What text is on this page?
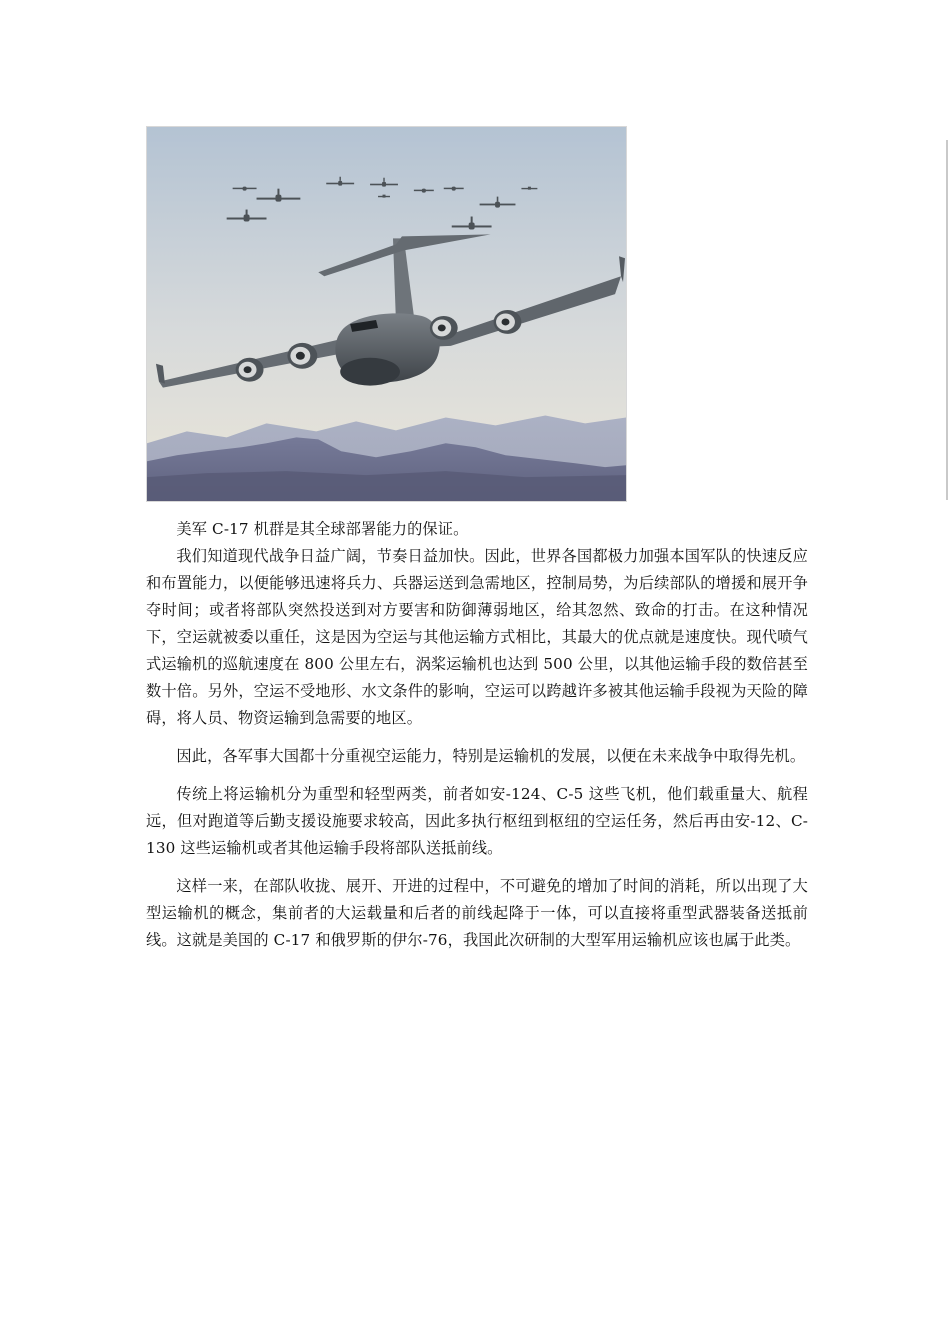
美军 C-17 机群是其全球部署能力的保证。

我们知道现代战争日益广阔，节奏日益加快。因此，世界各国都极力加强本国军队的快速反应和布置能力，以便能够迅速将兵力、兵器运送到急需地区，控制局势，为后续部队的增援和展开争夺时间；或者将部队突然投送到对方要害和防御薄弱地区，给其忽然、致命的打击。在这种情况下，空运就被委以重任，这是因为空运与其他运输方式相比，其最大的优点就是速度快。现代喷气式运输机的巡航速度在 800 公里左右，涡桨运输机也达到 500 公里，以其他运输手段的数倍甚至数十倍。另外，空运不受地形、水文条件的影响，空运可以跨越许多被其他运输手段视为天险的障碍，将人员、物资运输到急需要的地区。

因此，各军事大国都十分重视空运能力，特别是运输机的发展，以便在未来战争中取得先机。

传统上将运输机分为重型和轻型两类，前者如安-124、C-5 这些飞机，他们载重量大、航程远，但对跑道等后勤支援设施要求较高，因此多执行枢纽到枢纽的空运任务，然后再由安-12、C-130 这些运输机或者其他运输手段将部队送抵前线。

这样一来，在部队收拢、展开、开进的过程中，不可避免的增加了时间的消耗，所以出现了大型运输机的概念，集前者的大运载量和后者的前线起降于一体，可以直接将重型武器装备送抵前线。这就是美国的 C-17 和俄罗斯的伊尔-76，我国此次研制的大型军用运输机应该也属于此类。
